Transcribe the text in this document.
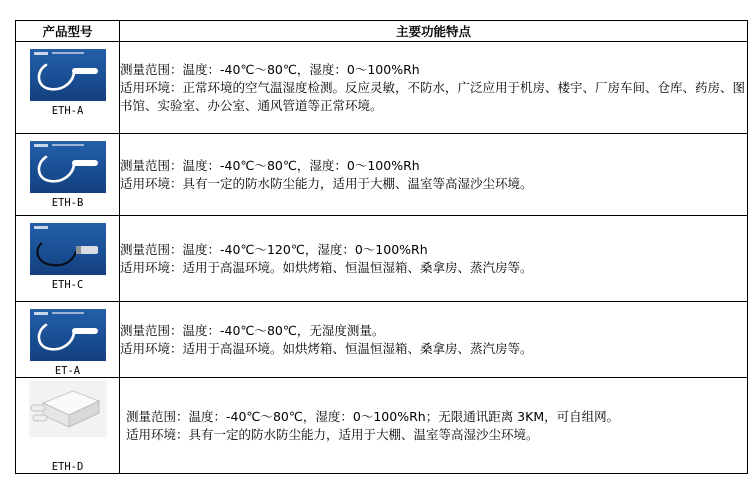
产品型号	主要功能特点

ETH-A	测量范围：温度：-40℃～80℃，湿度：0～100%Rh
适用环境：正常环境的空气温湿度检测。反应灵敏，不防水，广泛应用于机房、楼宇、厂房车间、仓库、药房、图书馆、实验室、办公室、通风管道等正常环境。

ETH-B	测量范围：温度：-40℃～80℃，湿度：0～100%Rh
适用环境：具有一定的防水防尘能力，适用于大棚、温室等高湿沙尘环境。

ETH-C	测量范围：温度：-40℃～120℃，湿度：0～100%Rh
适用环境：适用于高温环境。如烘烤箱、恒温恒湿箱、桑拿房、蒸汽房等。

ET-A	测量范围：温度：-40℃～80℃，无湿度测量。
适用环境：适用于高温环境。如烘烤箱、恒温恒湿箱、桑拿房、蒸汽房等。

ETH-D	测量范围：温度：-40℃～80℃，湿度：0～100%Rh；无限通讯距离 3KM，可自组网。
适用环境：具有一定的防水防尘能力，适用于大棚、温室等高湿沙尘环境。
